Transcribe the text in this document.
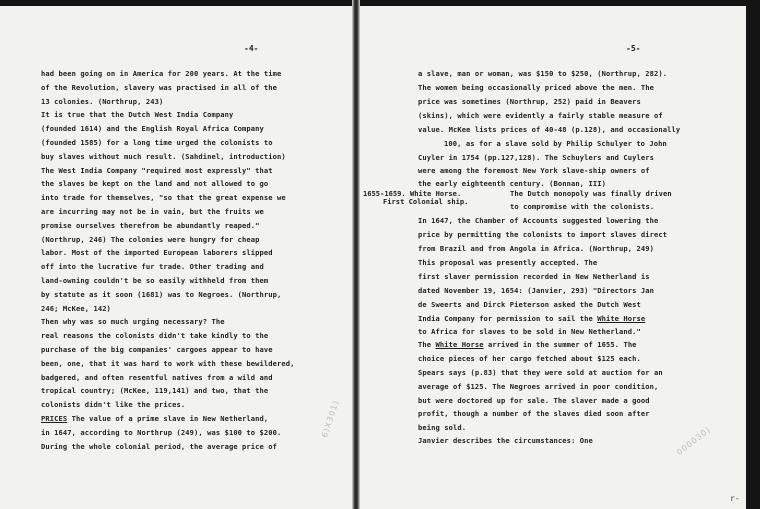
-4-
had been going on in America for 200 years. At the time
of the Revolution, slavery was practised in all of the
13 colonies. (Northrup, 243)
It is true that the Dutch West India Company
(founded 1614) and the English Royal Africa Company
(founded 1585) for a long time urged the colonists to
buy slaves without much result. (Sahdinel, introduction)
The West India Company "required most expressly" that
the slaves be kept on the land and not allowed to go
into trade for themselves, "so that the great expense we
are incurring may not be in vain, but the fruits we
promise ourselves therefrom be abundantly reaped."
(Northrup, 246) The colonies were hungry for cheap
labor. Most of the imported European laborers slipped
off into the lucrative fur trade. Other trading and
land-owning couldn't be so easily withheld from them
by statute as it soon (1681) was to Negroes. (Northrup,
246; McKee, 142)
Then why was so much urging necessary? The
real reasons the colonists didn't take kindly to the
purchase of the big companies' cargoes appear to have
been, one, that it was hard to work with these bewildered,
badgered, and often resentful natives from a wild and
tropical country; (McKee, 119,141) and two, that the
colonists didn't like the prices.
PRICES The value of a prime slave in New Netherland,
in 1647, according to Northrup (249), was $100 to $200.
During the whole colonial period, the average price of
-5-
1655-1659. White Horse.
First Colonial ship.
a slave, man or woman, was $150 to $250, (Northrup, 282).
The women being occasionally priced above the men. The
price was sometimes (Northrup, 252) paid in Beavers
(skins), which were evidently a fairly stable measure of
value. McKee lists prices of 40-48 (p.128), and occasionally
100, as for a slave sold by Philip Schulyer to John
Cuyler in 1754 (pp.127,128). The Schuylers and Cuylers
were among the foremost New York slave-ship owners of
the early eighteenth century. (Bonnan, III)
The Dutch monopoly was finally driven
to compromise with the colonists.
In 1647, the Chamber of Accounts suggested lowering the
price by permitting the colonists to import slaves direct
from Brazil and from Angola in Africa. (Northrup, 249)
This proposal was presently accepted. The
first slaver permission recorded in New Netherland is
dated November 19, 1654: (Janvier, 293) "Directors Jan
de Sweerts and Dirck Pieterson asked the Dutch West
India Company for permission to sail the White Horse
to Africa for slaves to be sold in New Netherland."
The White Horse arrived in the summer of 1655. The
choice pieces of her cargo fetched about $125 each.
Spears says (p.83) that they were sold at auction for an
average of $125. The Negroes arrived in poor condition,
but were doctored up for sale. The slaver made a good
profit, though a number of the slaves died soon after
being sold.
Janvier describes the circumstances: One
6)X301)
000030)
r-
